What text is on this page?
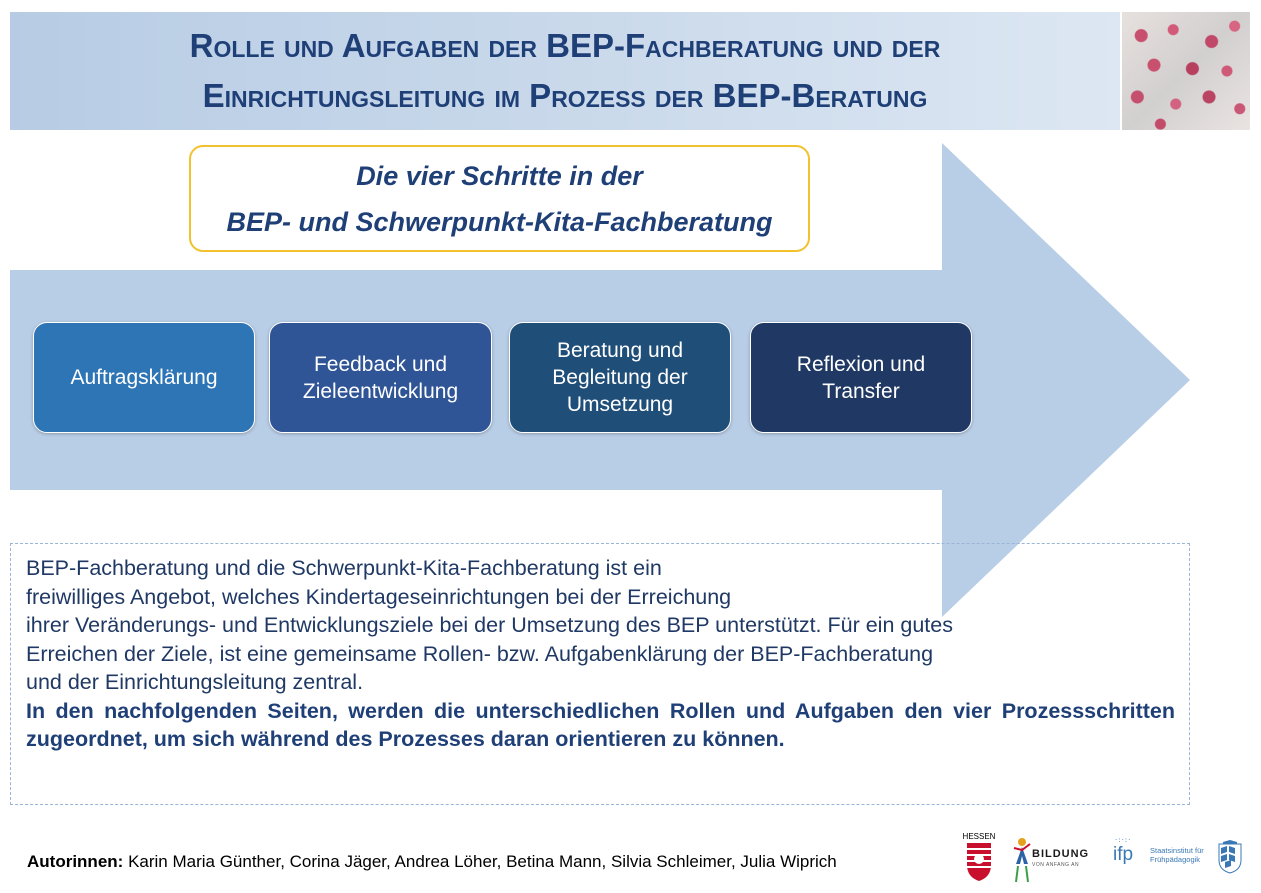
Rolle und Aufgaben der BEP-Fachberatung und der
Einrichtungsleitung im Prozess der BEP-Beratung
Die vier Schritte in der
BEP- und Schwerpunkt-Kita-Fachberatung
Auftragsklärung
Feedback und Zieleentwicklung
Beratung und Begleitung der Umsetzung
Reflexion und Transfer

BEP-Fachberatung und die Schwerpunkt-Kita-Fachberatung ist ein
freiwilliges Angebot, welches Kindertageseinrichtungen bei der Erreichung
ihrer Veränderungs- und Entwicklungsziele bei der Umsetzung des BEP unterstützt. Für ein gutes
Erreichen der Ziele, ist eine gemeinsame Rollen- bzw. Aufgabenklärung der BEP-Fachberatung
und der Einrichtungsleitung zentral.

In den nachfolgenden Seiten, werden die unterschiedlichen Rollen und Aufgaben den vier Prozessschritten zugeordnet, um sich während des Prozesses daran orientieren zu können.

Autorinnen: Karin Maria Günther, Corina Jäger, Andrea Löher, Betina Mann, Silvia Schleimer, Julia Wiprich
HESSEN
BILDUNG
VON ANFANG AN
·:·:·
ifp Staatsinstitut für
Frühpädagogik
